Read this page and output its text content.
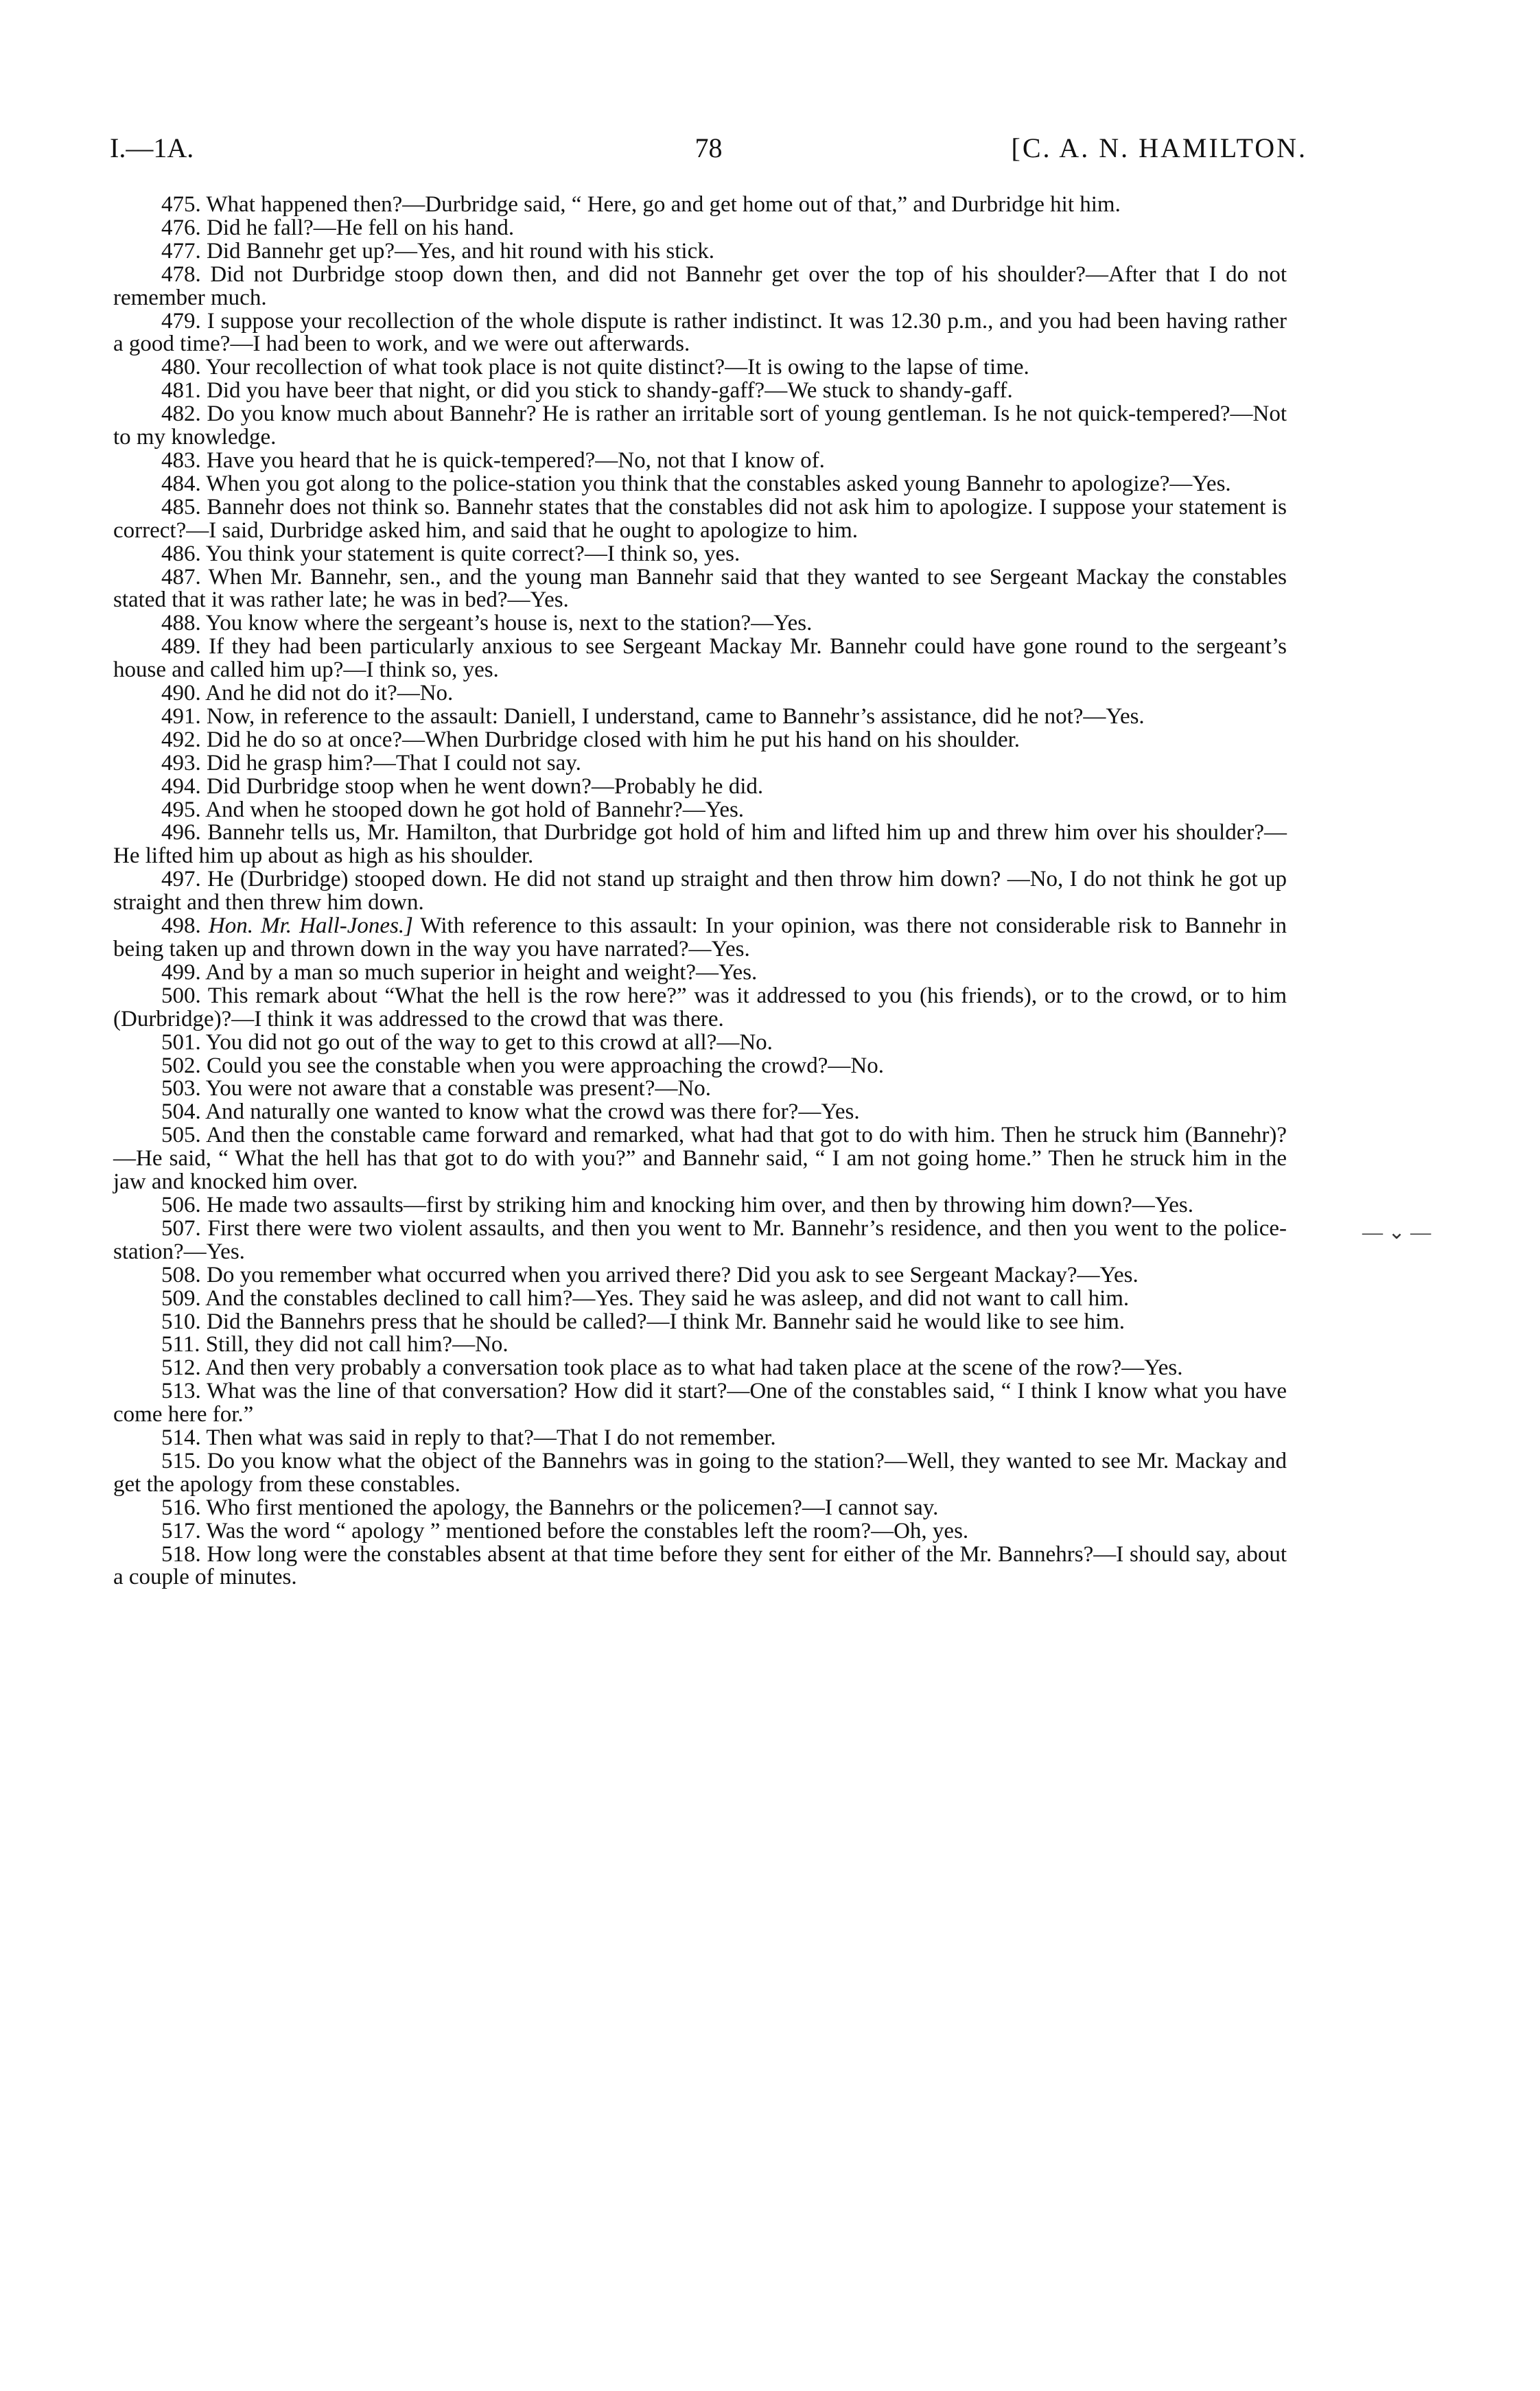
I.—1A.	78	[C. A. N. HAMILTON.

475. What happened then?—Durbridge said, “ Here, go and get home out of that,” and Durbridge hit him.

476. Did he fall?—He fell on his hand.

477. Did Bannehr get up?—Yes, and hit round with his stick.

478. Did not Durbridge stoop down then, and did not Bannehr get over the top of his shoulder?—After that I do not remember much.

479. I suppose your recollection of the whole dispute is rather indistinct. It was 12.30 p.m., and you had been having rather a good time?—I had been to work, and we were out afterwards.

480. Your recollection of what took place is not quite distinct?—It is owing to the lapse of time.

481. Did you have beer that night, or did you stick to shandy-gaff?—We stuck to shandy-gaff.

482. Do you know much about Bannehr? He is rather an irritable sort of young gentleman. Is he not quick-tempered?—Not to my knowledge.

483. Have you heard that he is quick-tempered?—No, not that I know of.

484. When you got along to the police-station you think that the constables asked young Bannehr to apologize?—Yes.

485. Bannehr does not think so. Bannehr states that the constables did not ask him to apologize. I suppose your statement is correct?—I said, Durbridge asked him, and said that he ought to apologize to him.

486. You think your statement is quite correct?—I think so, yes.

487. When Mr. Bannehr, sen., and the young man Bannehr said that they wanted to see Sergeant Mackay the constables stated that it was rather late; he was in bed?—Yes.

488. You know where the sergeant’s house is, next to the station?—Yes.

489. If they had been particularly anxious to see Sergeant Mackay Mr. Bannehr could have gone round to the sergeant’s house and called him up?—I think so, yes.

490. And he did not do it?—No.

491. Now, in reference to the assault: Daniell, I understand, came to Bannehr’s assistance, did he not?—Yes.

492. Did he do so at once?—When Durbridge closed with him he put his hand on his shoulder.

493. Did he grasp him?—That I could not say.

494. Did Durbridge stoop when he went down?—Probably he did.

495. And when he stooped down he got hold of Bannehr?—Yes.

496. Bannehr tells us, Mr. Hamilton, that Durbridge got hold of him and lifted him up and threw him over his shoulder?—He lifted him up about as high as his shoulder.

497. He (Durbridge) stooped down. He did not stand up straight and then throw him down? —No, I do not think he got up straight and then threw him down.

498. Hon. Mr. Hall-Jones.] With reference to this assault: In your opinion, was there not considerable risk to Bannehr in being taken up and thrown down in the way you have narrated?—Yes.

499. And by a man so much superior in height and weight?—Yes.

500. This remark about “What the hell is the row here?” was it addressed to you (his friends), or to the crowd, or to him (Durbridge)?—I think it was addressed to the crowd that was there.

501. You did not go out of the way to get to this crowd at all?—No.

502. Could you see the constable when you were approaching the crowd?—No.

503. You were not aware that a constable was present?—No.

504. And naturally one wanted to know what the crowd was there for?—Yes.

505. And then the constable came forward and remarked, what had that got to do with him. Then he struck him (Bannehr)?—He said, “ What the hell has that got to do with you?” and Bannehr said, “ I am not going home.” Then he struck him in the jaw and knocked him over.

506. He made two assaults—first by striking him and knocking him over, and then by throwing him down?—Yes.

507. First there were two violent assaults, and then you went to Mr. Bannehr’s residence, and then you went to the police-station?—Yes.

508. Do you remember what occurred when you arrived there? Did you ask to see Sergeant Mackay?—Yes.

509. And the constables declined to call him?—Yes. They said he was asleep, and did not want to call him.

510. Did the Bannehrs press that he should be called?—I think Mr. Bannehr said he would like to see him.

511. Still, they did not call him?—No.

512. And then very probably a conversation took place as to what had taken place at the scene of the row?—Yes.

513. What was the line of that conversation? How did it start?—One of the constables said, “ I think I know what you have come here for.”

514. Then what was said in reply to that?—That I do not remember.

515. Do you know what the object of the Bannehrs was in going to the station?—Well, they wanted to see Mr. Mackay and get the apology from these constables.

516. Who first mentioned the apology, the Bannehrs or the policemen?—I cannot say.

517. Was the word “ apology ” mentioned before the constables left the room?—Oh, yes.

518. How long were the constables absent at that time before they sent for either of the Mr. Bannehrs?—I should say, about a couple of minutes.

— ⌄ —
